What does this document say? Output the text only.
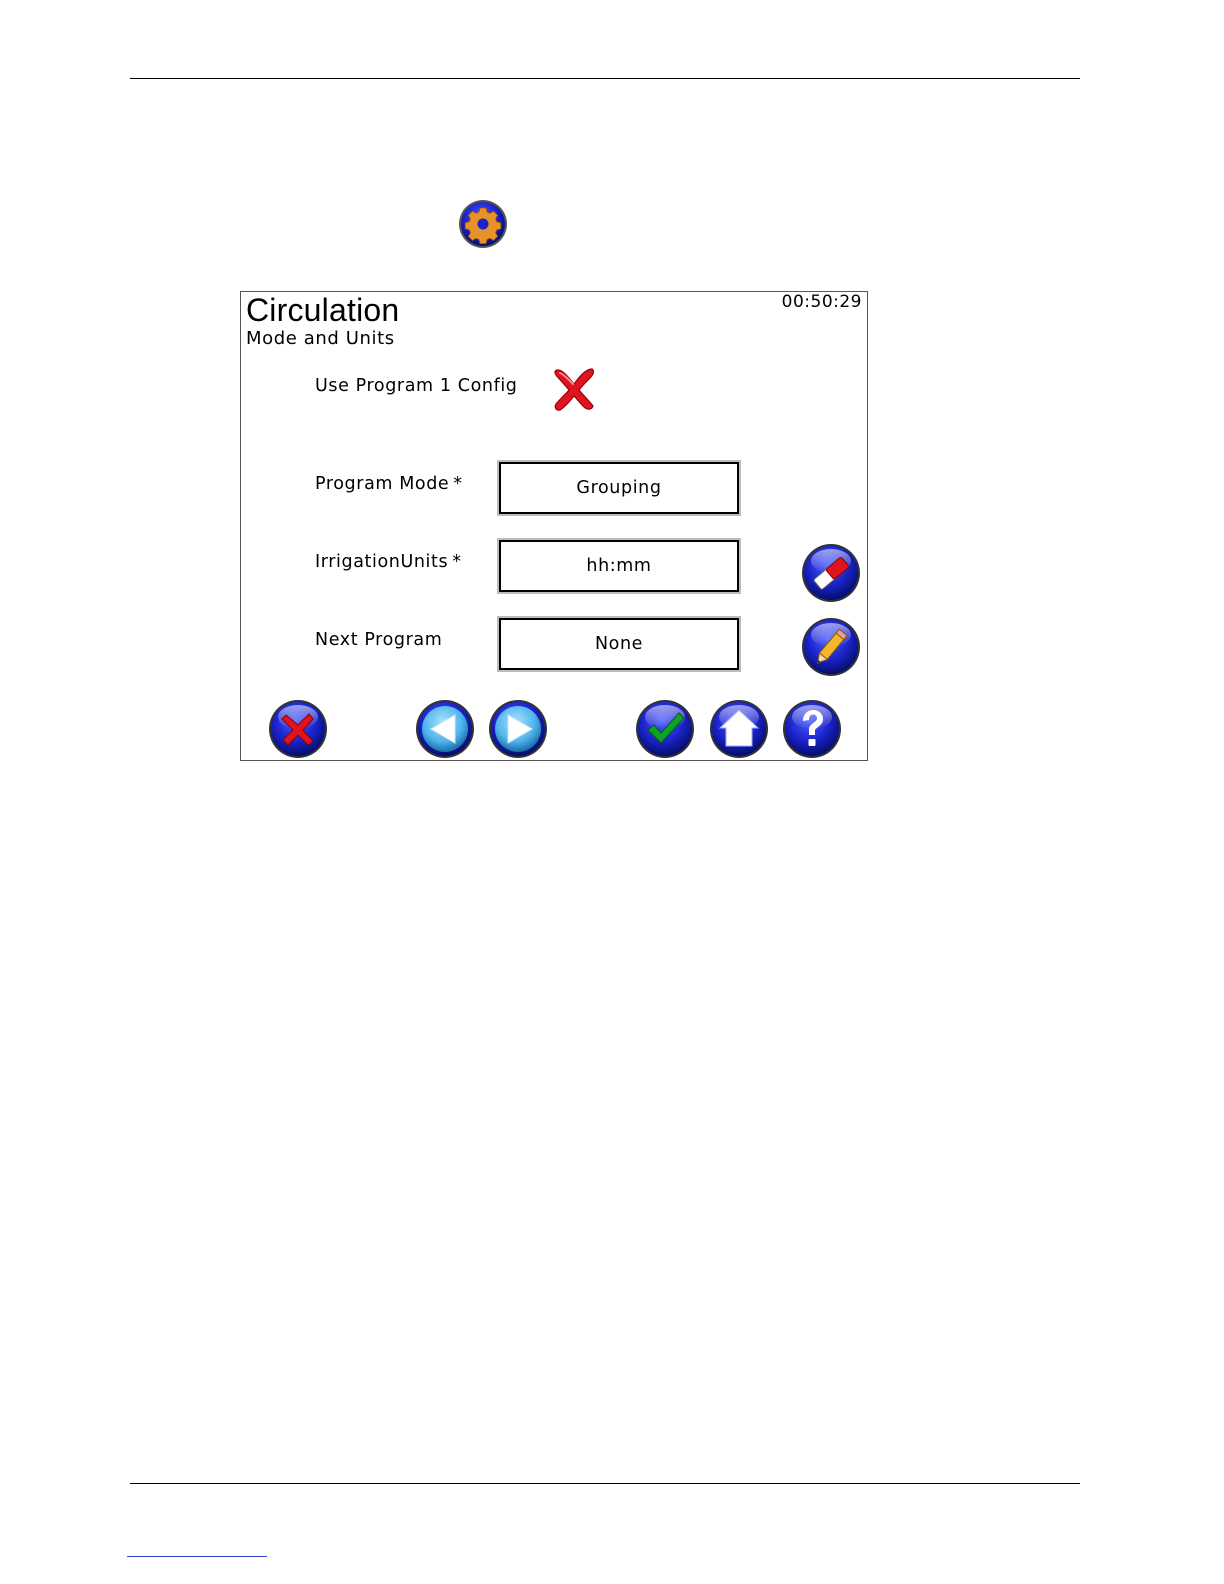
Circulation
Mode and Units
00:50:29
Use Program 1 Config
Program Mode *	Grouping
IrrigationUnits *	hh:mm
Next Program	None
